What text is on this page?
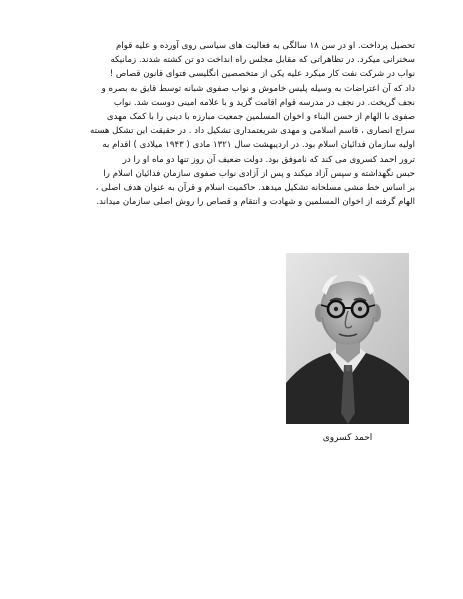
تحصیل پرداخت. او در سن ۱۸ سالگی به فعالیت های سیاسی روی آورده و علیه قوام
سخنرانی میکرد. در تظاهراتی که مقابل مجلس راه انداخت دو تن کشته شدند. زمانیکه
نواب در شرکت نفت کار میکرد علیه یکی از متخصصین انگلیسی فتوای قانون قصاص !
داد که آن اعتراضات به وسیله پلیس خاموش و نواب صفوی شبانه توسط قایق به بصره و
نجف گریخت. در نجف در مدرسه قوام اقامت گزید و با علامه امینی دوست شد. نواب
صفوی با الهام از حسن البناء و اخوان المسلمین جمعیت مبارزه با دینی را با کمک مهدی
سراج انصاری ، قاسم اسلامی و مهدی شریعتمداری تشکیل داد . در حقیقت این تشکل هسته
اولیه سازمان فدائیان اسلام بود. در اردیبهشت سال ۱۳۲۱ مادی ( ۱۹۴۳ میلادی ) اقدام به
ترور احمد کسروی می کند که ناموفق بود. دولت ضعیف آن روز تنها دو ماه او را در
حبس نگهداشته و سپس آزاد میکند و پس از آزادی نواب صفوی سازمان فدائیان اسلام را
بر اساس خط مشی مسلحانه تشکیل میدهد. حاکمیت اسلام و قرآن به عنوان هدف اصلی ،
الهام گرفته از اخوان المسلمین و شهادت و انتقام و قصاص را روش اصلی سازمان میداند.
احمد کسروی
